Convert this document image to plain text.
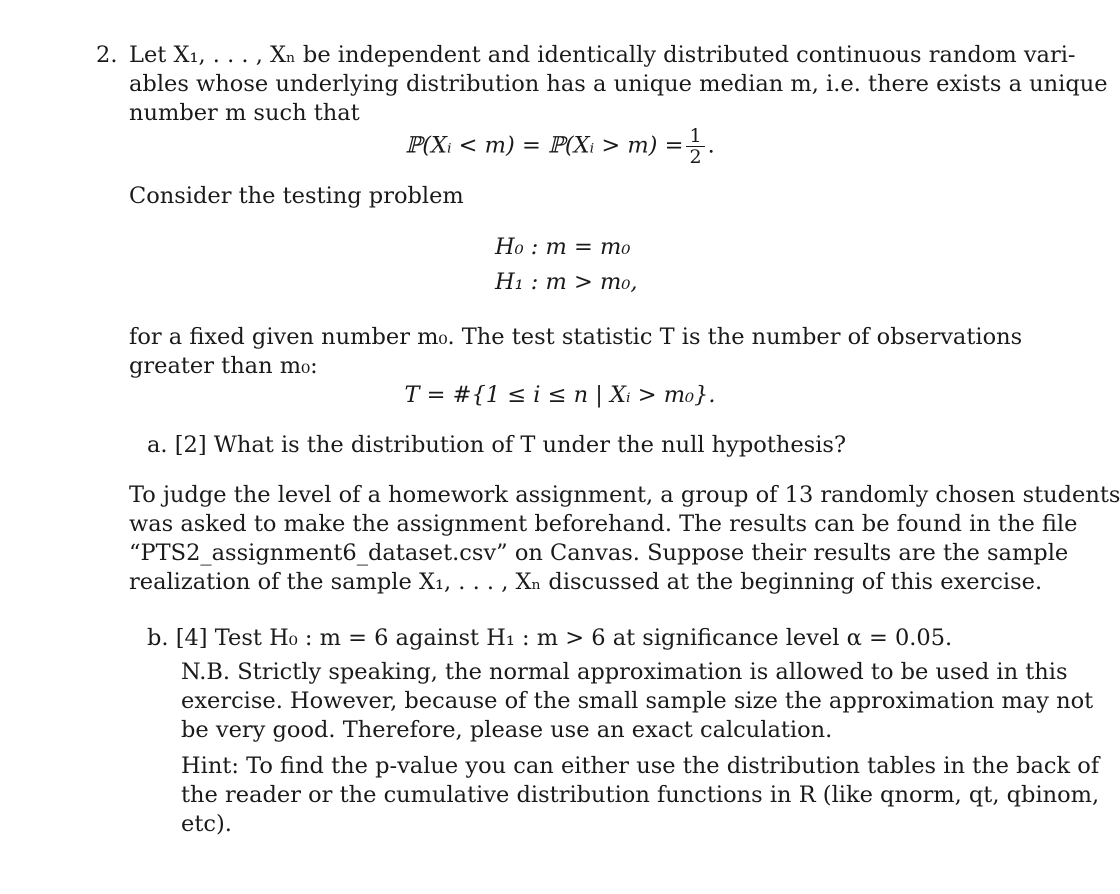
2. Let X₁, . . . , Xₙ be independent and identically distributed continuous random vari-
ables whose underlying distribution has a unique median m, i.e. there exists a unique
number m such that
ℙ(Xᵢ < m) = ℙ(Xᵢ > $m) = \frac{1}{2}$ .
Consider the testing problem
H₀ : m = m₀
H₁ : m > m₀,
for a fixed given number m₀. The test statistic T is the number of observations
greater than m₀:
T = #{1 ≤ i ≤ n | Xᵢ > m₀}.
a. [2] What is the distribution of T under the null hypothesis?
To judge the level of a homework assignment, a group of 13 randomly chosen students
was asked to make the assignment beforehand. The results can be found in the file
“PTS2_assignment6_dataset.csv” on Canvas. Suppose their results are the sample
realization of the sample X₁, . . . , Xₙ discussed at the beginning of this exercise.
b. [4] Test H₀ : m = 6 against H₁ : m > 6 at significance level α = 0.05.
N.B. Strictly speaking, the normal approximation is allowed to be used in this
exercise. However, because of the small sample size the approximation may not
be very good. Therefore, please use an exact calculation.
Hint: To find the p-value you can either use the distribution tables in the back of
the reader or the cumulative distribution functions in R (like qnorm, qt, qbinom,
etc).
